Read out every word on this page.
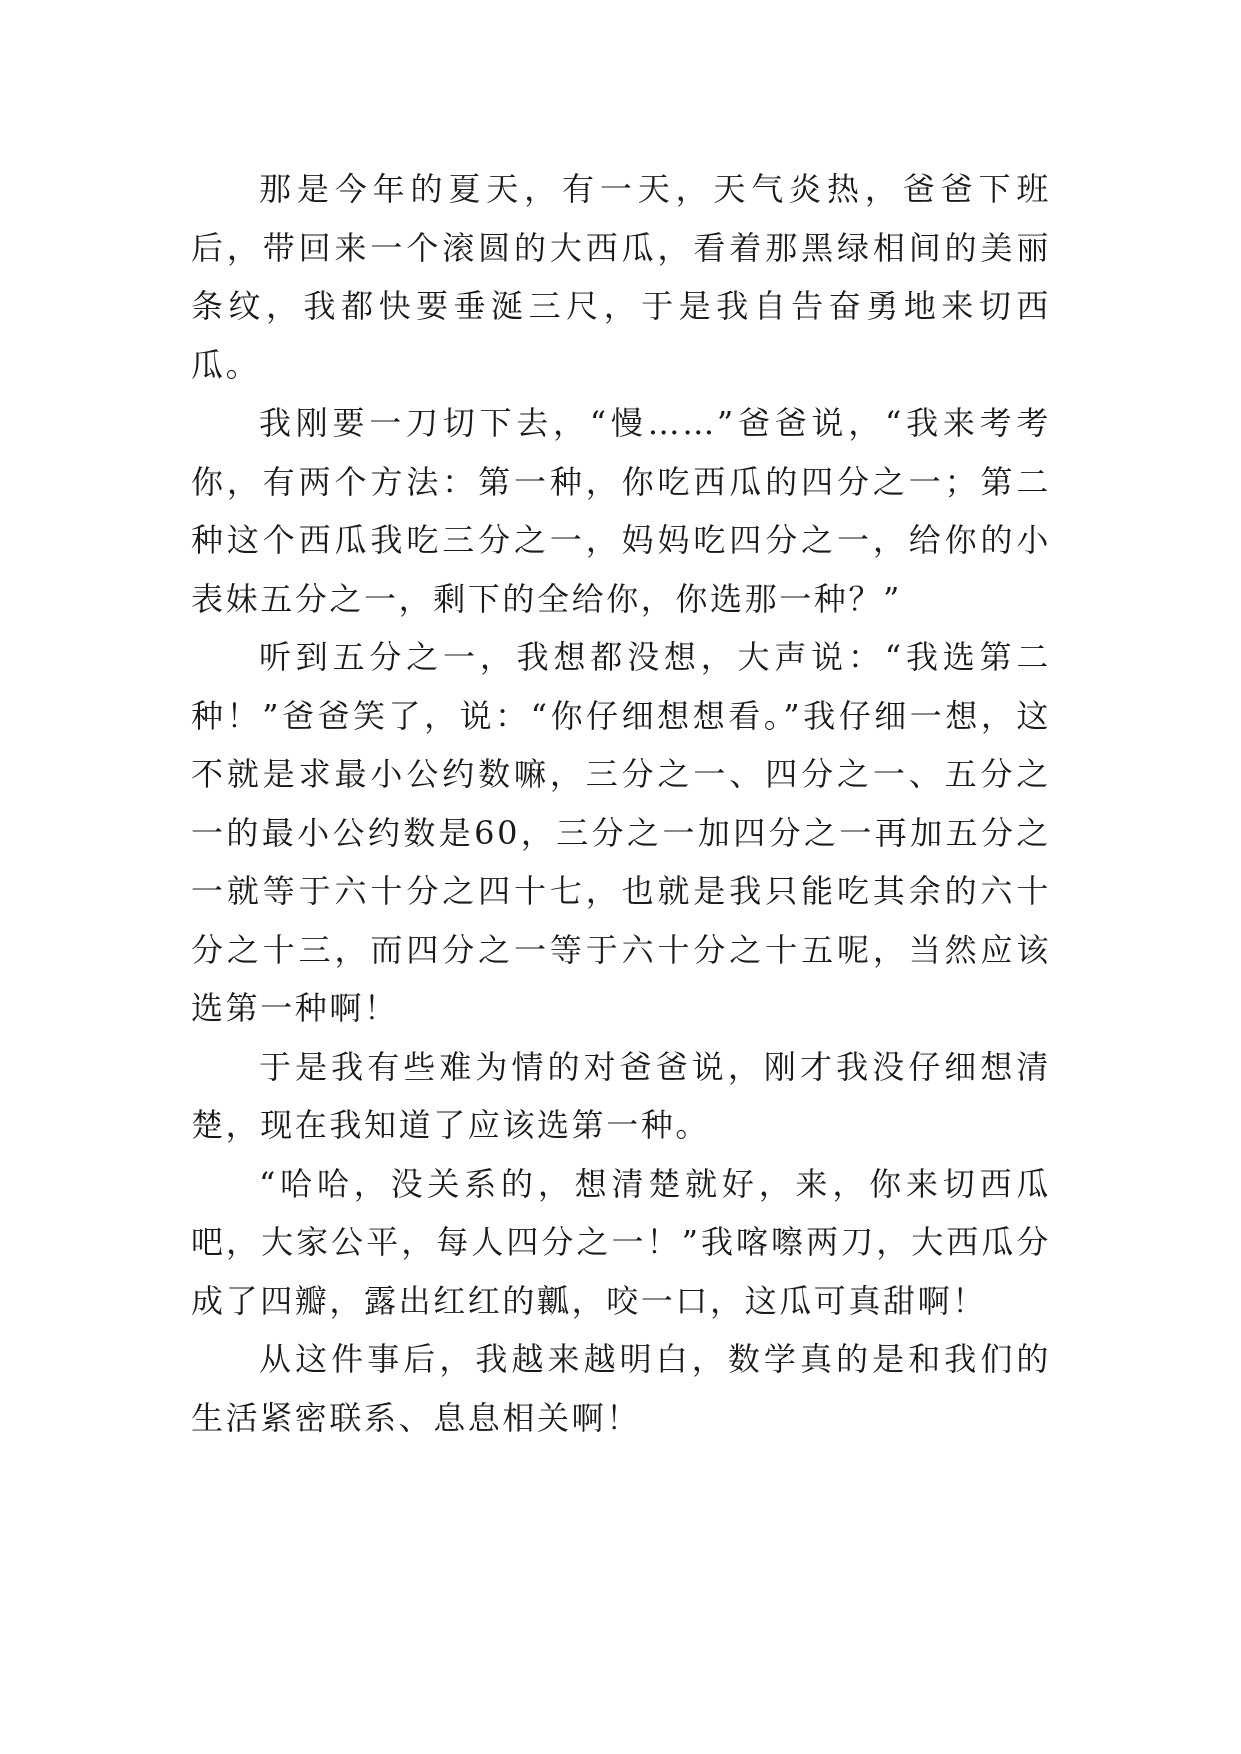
那是今年的夏天，有一天，天气炎热，爸爸下班后，带回来一个滚圆的大西瓜，看着那黑绿相间的美丽条纹，我都快要垂涎三尺，于是我自告奋勇地来切西瓜。

我刚要一刀切下去，“慢……”爸爸说，“我来考考你，有两个方法：第一种，你吃西瓜的四分之一；第二种这个西瓜我吃三分之一，妈妈吃四分之一，给你的小表妹五分之一，剩下的全给你，你选那一种？”

听到五分之一，我想都没想，大声说：“我选第二种！”爸爸笑了，说：“你仔细想想看。”我仔细一想，这不就是求最小公约数嘛，三分之一、四分之一、五分之一的最小公约数是60，三分之一加四分之一再加五分之一就等于六十分之四十七，也就是我只能吃其余的六十分之十三，而四分之一等于六十分之十五呢，当然应该选第一种啊！

于是我有些难为情的对爸爸说，刚才我没仔细想清楚，现在我知道了应该选第一种。

“哈哈，没关系的，想清楚就好，来，你来切西瓜吧，大家公平，每人四分之一！”我喀嚓两刀，大西瓜分成了四瓣，露出红红的瓤，咬一口，这瓜可真甜啊！

从这件事后，我越来越明白，数学真的是和我们的生活紧密联系、息息相关啊！
